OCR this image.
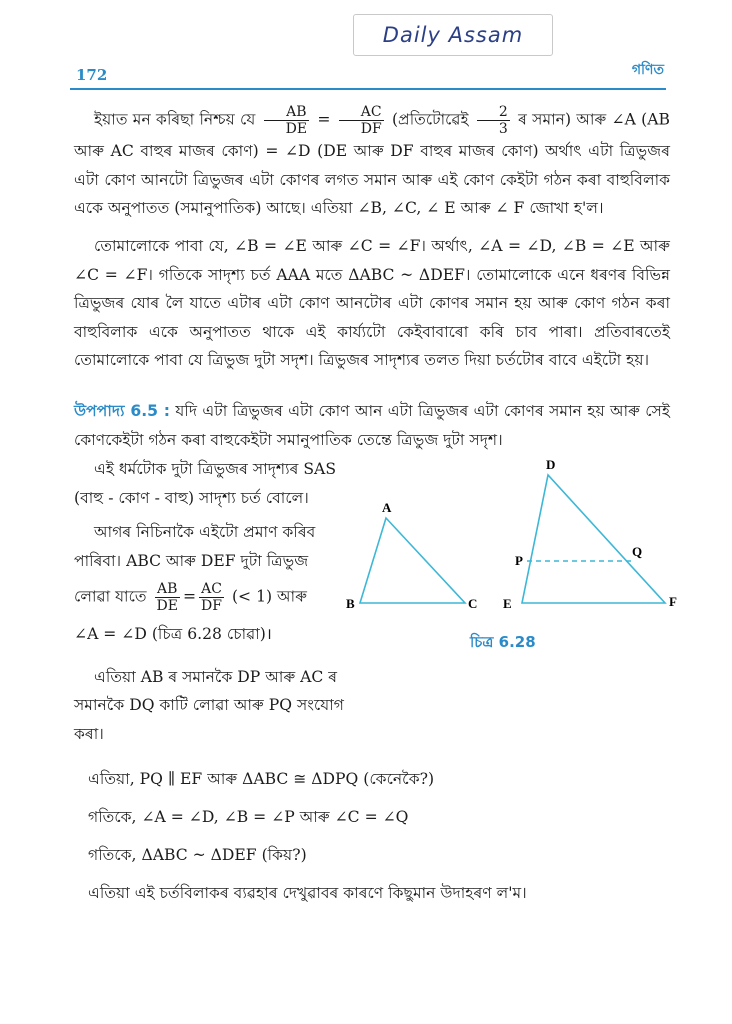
Daily Assam
172	গণিত

ইয়াত মন কৰিছা নিশ্চয় যে $\frac{AB}{DE} = \frac{AC}{DF}$ (প্ৰতিটোৱেই $\frac{2}{3}$ ৰ সমান) আৰু ∠A (AB আৰু AC বাহুৰ মাজৰ কোণ) = ∠D (DE আৰু DF বাহুৰ মাজৰ কোণ) অৰ্থাৎ এটা ত্ৰিভুজৰ এটা কোণ আনটো ত্ৰিভুজৰ এটা কোণৰ লগত সমান আৰু এই কোণ কেইটা গঠন কৰা বাহুবিলাক একে অনুপাতত (সমানুপাতিক) আছে। এতিয়া ∠B, ∠C, ∠ E আৰু ∠ F জোখা হ'ল।

তোমালোকে পাবা যে, ∠B = ∠E আৰু ∠C = ∠F। অৰ্থাৎ, ∠A = ∠D, ∠B = ∠E আৰু ∠C = ∠F। গতিকে সাদৃশ্য চৰ্ত AAA মতে ΔABC ~ ΔDEF। তোমালোকে এনে ধৰণৰ বিভিন্ন ত্ৰিভুজৰ যোৰ লৈ যাতে এটাৰ এটা কোণ আনটোৰ এটা কোণৰ সমান হয় আৰু কোণ গঠন কৰা বাহুবিলাক একে অনুপাতত থাকে এই কাৰ্য্যটো কেইবাবাৰো কৰি চাব পাৰা। প্ৰতিবাৰতেই তোমালোকে পাবা যে ত্ৰিভুজ দুটা সদৃশ। ত্ৰিভুজৰ সাদৃশ্যৰ তলত দিয়া চৰ্তটোৰ বাবে এইটো হয়।

উপপাদ্য 6.5 : যদি এটা ত্ৰিভুজৰ এটা কোণ আন এটা ত্ৰিভুজৰ এটা কোণৰ সমান হয় আৰু সেই কোণকেইটা গঠন কৰা বাহুকেইটা সমানুপাতিক তেন্তে ত্ৰিভুজ দুটা সদৃশ।

এই ধৰ্মটোক দুটা ত্ৰিভুজৰ সাদৃশ্যৰ SAS (বাহু - কোণ - বাহু) সাদৃশ্য চৰ্ত বোলে।

আগৰ নিচিনাকৈ এইটো প্ৰমাণ কৰিব পাৰিবা। ABC আৰু DEF দুটা ত্ৰিভুজ

লোৱা যাতে $\frac{AB}{DE} = \frac{AC}{DF}$ (< 1) আৰু

∠A = ∠D (চিত্ৰ 6.28 চোৱা)।

এতিয়া AB ৰ সমানকৈ DP আৰু AC ৰ সমানকৈ DQ কাটি লোৱা আৰু PQ সংযোগ কৰা।

A
B	C
D
E	F
P
Q
চিত্ৰ 6.28
এতিয়া, PQ ∥ EF আৰু ΔABC ≅ ΔDPQ (কেনেকৈ?)
গতিকে, ∠A = ∠D, ∠B = ∠P আৰু ∠C = ∠Q
গতিকে, ΔABC ~ ΔDEF (কিয়?)
এতিয়া এই চৰ্তবিলাকৰ ব্যৱহাৰ দেখুৱাবৰ কাৰণে কিছুমান উদাহৰণ ল'ম।
